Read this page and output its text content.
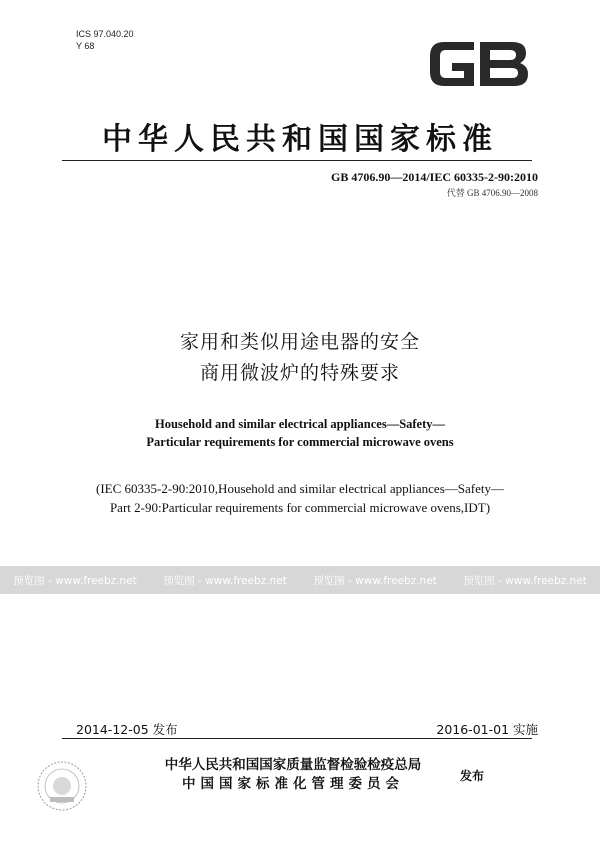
ICS 97.040.20
Y 68
中华人民共和国国家标准
GB 4706.90—2014/IEC 60335-2-90:2010
代替 GB 4706.90—2008
家用和类似用途电器的安全
商用微波炉的特殊要求
Household and similar electrical appliances—Safety—
Particular requirements for commercial microwave ovens
(IEC 60335-2-90:2010,Household and similar electrical appliances—Safety—
Part 2-90:Particular requirements for commercial microwave ovens,IDT)
预览图 - www.freebz.net	预览图 - www.freebz.net	预览图 - www.freebz.net	预览图 - www.freebz.net
2014-12-05 发布	2016-01-01 实施
中华人民共和国国家质量监督检验检疫总局
中国国家标准化管理委员会	发布
